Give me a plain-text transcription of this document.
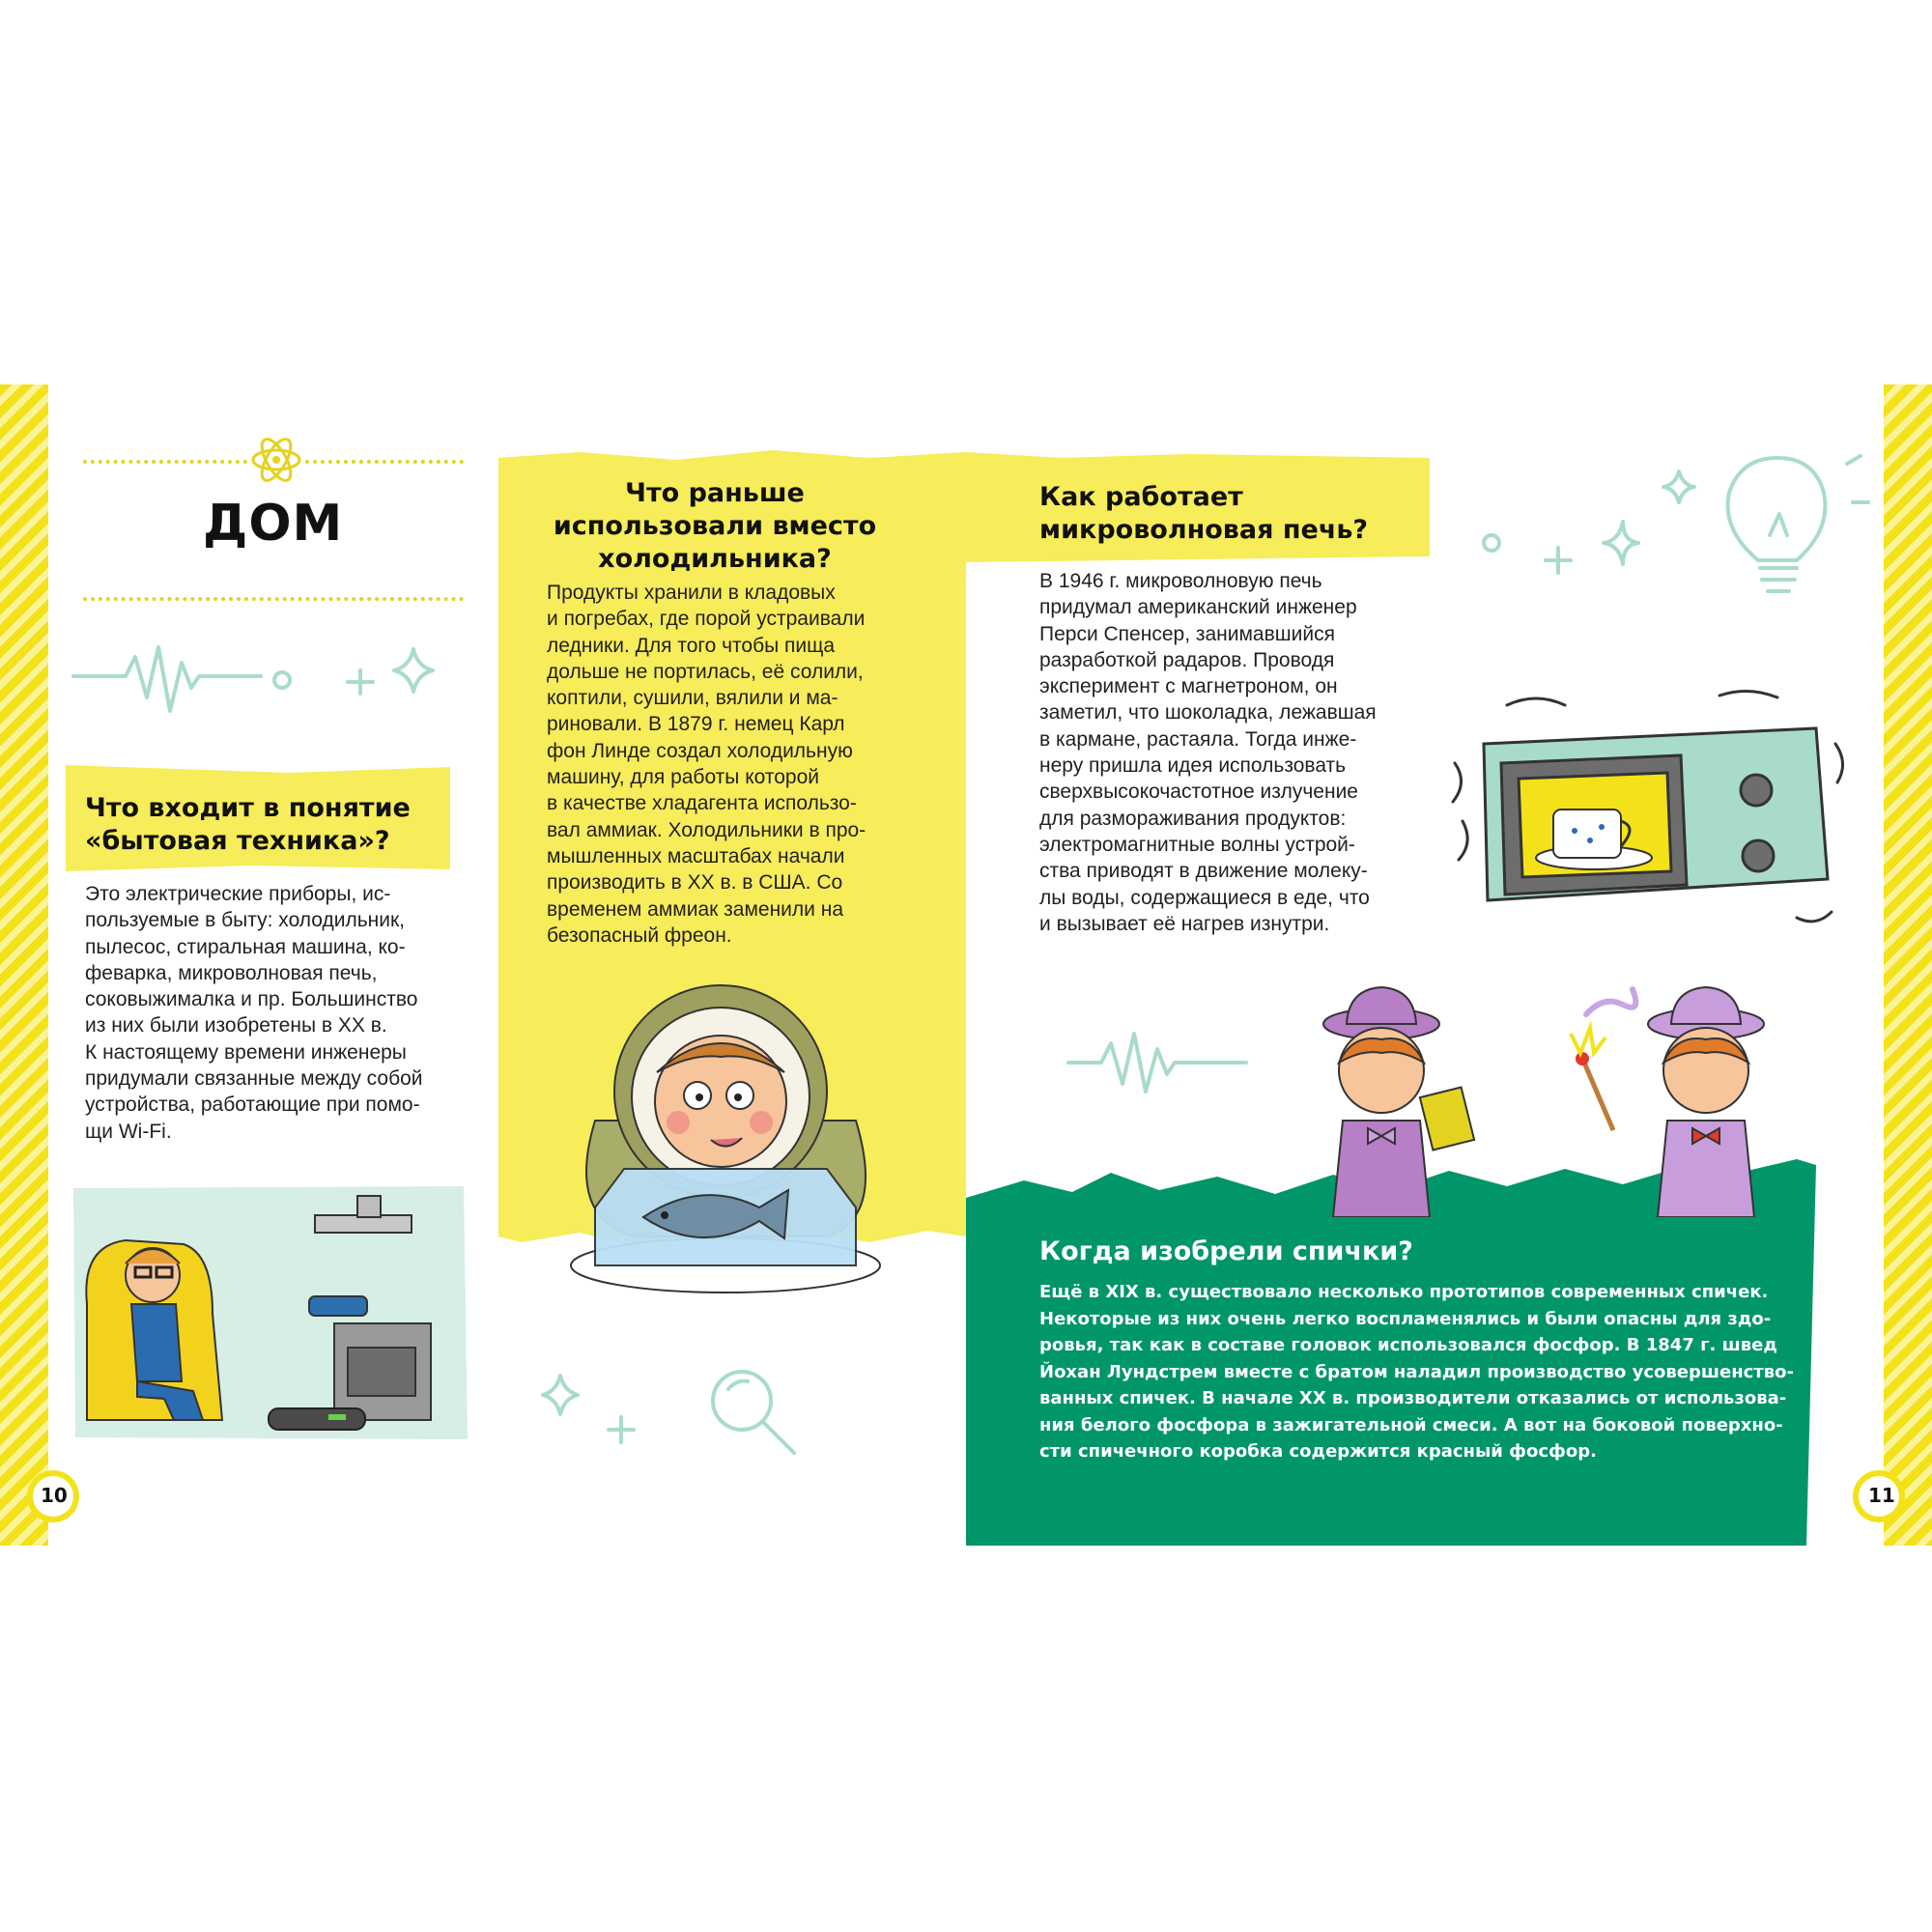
ДОМ
Что входит в понятие
«бытовая техника»?
Это электрические приборы, ис-
пользуемые в быту: холодильник,
пылесос, стиральная машина, ко-
феварка, микроволновая печь,
соковыжималка и пр. Большинство
из них были изобретены в ХХ в.
К настоящему времени инженеры
придумали связанные между собой
устройства, работающие при помо-
щи Wi-Fi.
Что раньше
использовали вместо
холодильника?
Продукты хранили в кладовых
и погребах, где порой устраивали
ледники. Для того чтобы пища
дольше не портилась, её солили,
коптили, сушили, вялили и ма-
риновали. В 1879 г. немец Карл
фон Линде создал холодильную
машину, для работы которой
в качестве хладагента использо-
вал аммиак. Холодильники в про-
мышленных масштабах начали
производить в ХХ в. в США. Со
временем аммиак заменили на
безопасный фреон.
Как работает
микроволновая печь?
В 1946 г. микроволновую печь
придумал американский инженер
Перси Спенсер, занимавшийся
разработкой радаров. Проводя
эксперимент с магнетроном, он
заметил, что шоколадка, лежавшая
в кармане, растаяла. Тогда инже-
неру пришла идея использовать
сверхвысокочастотное излучение
для размораживания продуктов:
электромагнитные волны устрой-
ства приводят в движение молеку-
лы воды, содержащиеся в еде, что
и вызывает её нагрев изнутри.
Когда изобрели спички?
Ещё в XIX в. существовало несколько прототипов современных спичек.
Некоторые из них очень легко воспламенялись и были опасны для здо-
ровья, так как в составе головок использовался фосфор. В 1847 г. швед
Йохан Лундстрем вместе с братом наладил производство усовершенство-
ванных спичек. В начале XX в. производители отказались от использова-
ния белого фосфора в зажигательной смеси. А вот на боковой поверхно-
сти спичечного коробка содержится красный фосфор.
10	11
